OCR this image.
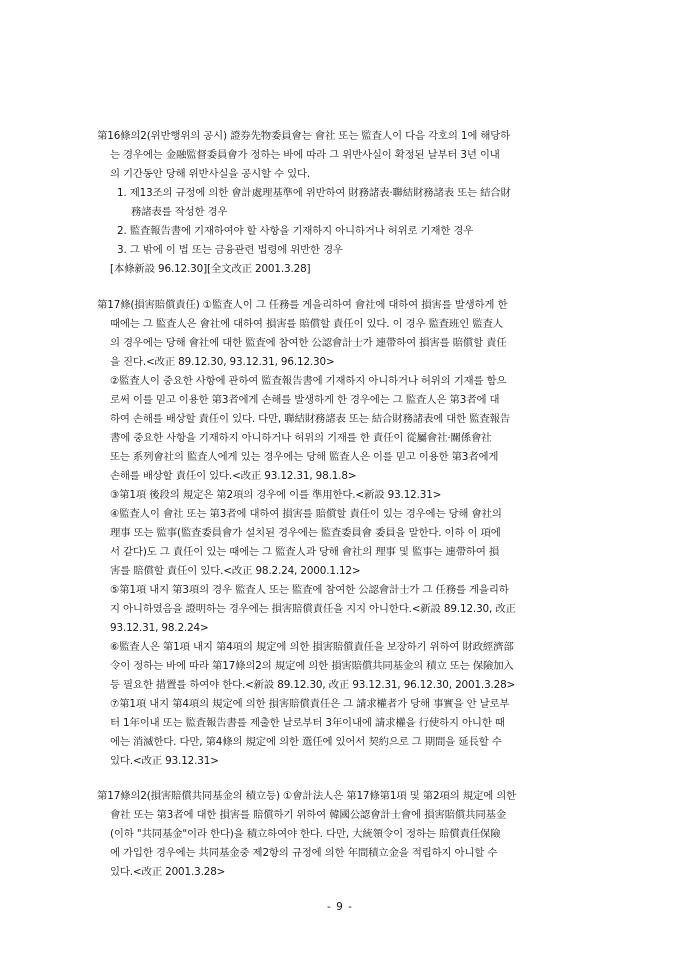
第16條의2(위반행위의 공시) 證券先物委員會는 會社 또는 監査人이 다음 각호의 1에 해당하
는 경우에는 金融監督委員會가 정하는 바에 따라 그 위반사실이 확정된 날부터 3년 이내
의 기간동안 당해 위반사실을 공시할 수 있다.
1. 제13조의 규정에 의한 會計處理基準에 위반하여 財務諸表·聯結財務諸表 또는 結合財
務諸表를 작성한 경우
2. 監査報告書에 기재하여야 할 사항을 기재하지 아니하거나 허위로 기재한 경우
3. 그 밖에 이 법 또는 금융관련 법령에 위반한 경우
[本條新設 96.12.30][全文改正 2001.3.28]
第17條(損害賠償責任) ①監査人이 그 任務를 게을리하여 會社에 대하여 損害를 발생하게 한
때에는 그 監査人은 會社에 대하여 損害를 賠償할 責任이 있다. 이 경우 監査班인 監査人
의 경우에는 당해 會社에 대한 監査에 참여한 公認會計士가 連帶하여 損害를 賠償할 責任
을 진다.<改正 89.12.30, 93.12.31, 96.12.30>
②監査人이 중요한 사항에 관하여 監査報告書에 기재하지 아니하거나 허위의 기재를 함으
로써 이를 믿고 이용한 第3者에게 손해를 발생하게 한 경우에는 그 監査人은 第3者에 대
하여 손해를 배상할 責任이 있다. 다만, 聯結財務諸表 또는 結合財務諸表에 대한 監査報告
書에 중요한 사항을 기재하지 아니하거나 허위의 기재를 한 責任이 從屬會社·關係會社
또는 系列會社의 監査人에게 있는 경우에는 당해 監査人은 이를 믿고 이용한 第3者에게
손해를 배상할 責任이 있다.<改正 93.12.31, 98.1.8>
③第1項 後段의 規定은 第2項의 경우에 이를 準用한다.<新設 93.12.31>
④監査人이 會社 또는 第3者에 대하여 損害를 賠償할 責任이 있는 경우에는 당해 會社의
理事 또는 監事(監査委員會가 설치된 경우에는 監査委員會 委員을 말한다. 이하 이 項에
서 같다)도 그 責任이 있는 때에는 그 監査人과 당해 會社의 理事 및 監事는 連帶하여 損
害를 賠償할 責任이 있다.<改正 98.2.24, 2000.1.12>
⑤第1項 내지 第3項의 경우 監査人 또는 監査에 참여한 公認會計士가 그 任務를 게을리하
지 아니하였음을 證明하는 경우에는 損害賠償責任을 지지 아니한다.<新設 89.12.30, 改正
93.12.31, 98.2.24>
⑥監査人은 第1項 내지 第4項의 規定에 의한 損害賠償責任을 보장하기 위하여 財政經濟部
令이 정하는 바에 따라 第17條의2의 規定에 의한 損害賠償共同基金의 積立 또는 保險加入
등 필요한 措置를 하여야 한다.<新設 89.12.30, 改正 93.12.31, 96.12.30, 2001.3.28>
⑦第1項 내지 第4項의 規定에 의한 損害賠償責任은 그 請求權者가 당해 事實을 안 날로부
터 1年이내 또는 監査報告書를 제출한 날로부터 3年이내에 請求權을 行使하지 아니한 때
에는 消滅한다. 다만, 第4條의 規定에 의한 選任에 있어서 契約으로 그 期間을 延長할 수
있다.<改正 93.12.31>
第17條의2(損害賠償共同基金의 積立등) ①會計法人은 第17條第1項 및 第2項의 規定에 의한
會社 또는 第3者에 대한 損害를 賠償하기 위하여 韓國公認會計士會에 損害賠償共同基金
(이하 "共同基金"이라 한다)을 積立하여야 한다. 다만, 大統領令이 정하는 賠償責任保險
에 가입한 경우에는 共同基金중 제2항의 규정에 의한 年間積立金을 적립하지 아니할 수
있다.<改正 2001.3.28>
- 9 -
